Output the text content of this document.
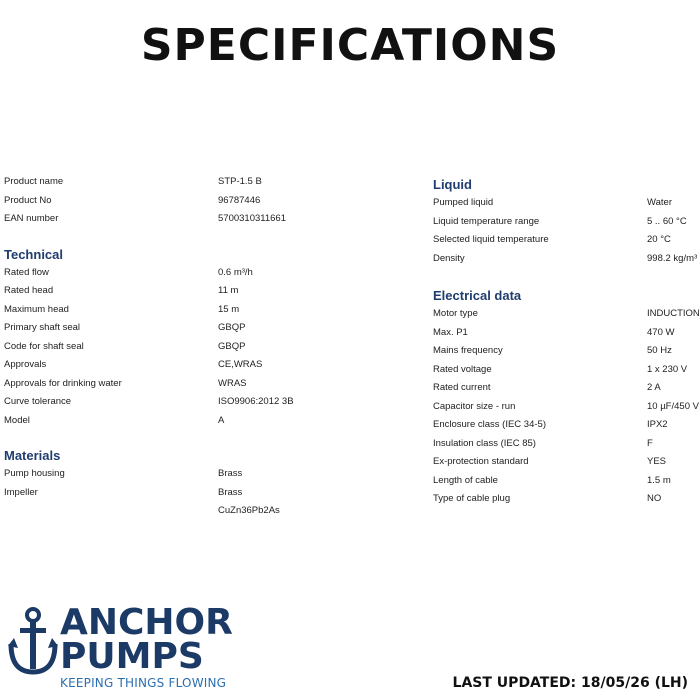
SPECIFICATIONS
Product name	STP-1.5 B
Product No	96787446
EAN number	5700310311661
Technical
Rated flow	0.6 m³/h
Rated head	11 m
Maximum head	15 m
Primary shaft seal	GBQP
Code for shaft seal	GBQP
Approvals	CE,WRAS
Approvals for drinking water	WRAS
Curve tolerance	ISO9906:2012 3B
Model	A
Materials
Pump housing	Brass
Impeller	Brass
CuZn36Pb2As
Liquid
Pumped liquid	Water
Liquid temperature range	5 .. 60 °C
Selected liquid temperature	20 °C
Density	998.2 kg/m³
Electrical data
Motor type	INDUCTION
Max. P1	470 W
Mains frequency	50 Hz
Rated voltage	1 x 230 V
Rated current	2 A
Capacitor size - run	10 µF/450 V
Enclosure class (IEC 34-5)	IPX2
Insulation class (IEC 85)	F
Ex-protection standard	YES
Length of cable	1.5 m
Type of cable plug	NO
ANCHOR
PUMPS
KEEPING THINGS FLOWING	LAST UPDATED: 18/05/26 (LH)
